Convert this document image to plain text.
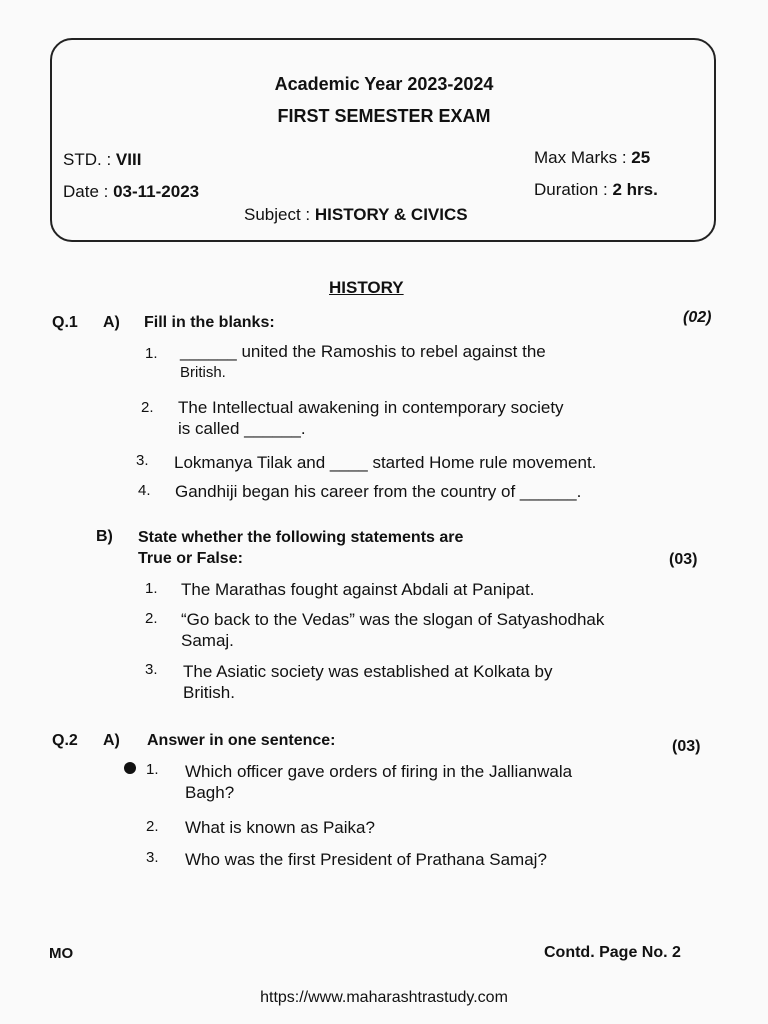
Academic Year 2023-2024
FIRST SEMESTER EXAM
STD. : VIII
Date : 03-11-2023
Max Marks : 25
Duration : 2 hrs.
Subject : HISTORY & CIVICS
HISTORY
Q.1 A) Fill in the blanks:	(02)
1. ______ united the Ramoshis to rebel against the
British.
2. The Intellectual awakening in contemporary society
is called ______.
3. Lokmanya Tilak and ____ started Home rule movement.
4. Gandhiji began his career from the country of ______.
B) State whether the following statements are
True or False:	(03)
1. The Marathas fought against Abdali at Panipat.
2. “Go back to the Vedas” was the slogan of Satyashodhak
Samaj.
3. The Asiatic society was established at Kolkata by
British.
Q.2 A) Answer in one sentence:	(03)
1. Which officer gave orders of firing in the Jallianwala
Bagh?
2. What is known as Paika?
3. Who was the first President of Prathana Samaj?
MO	Contd. Page No. 2
https://www.maharashtrastudy.com
